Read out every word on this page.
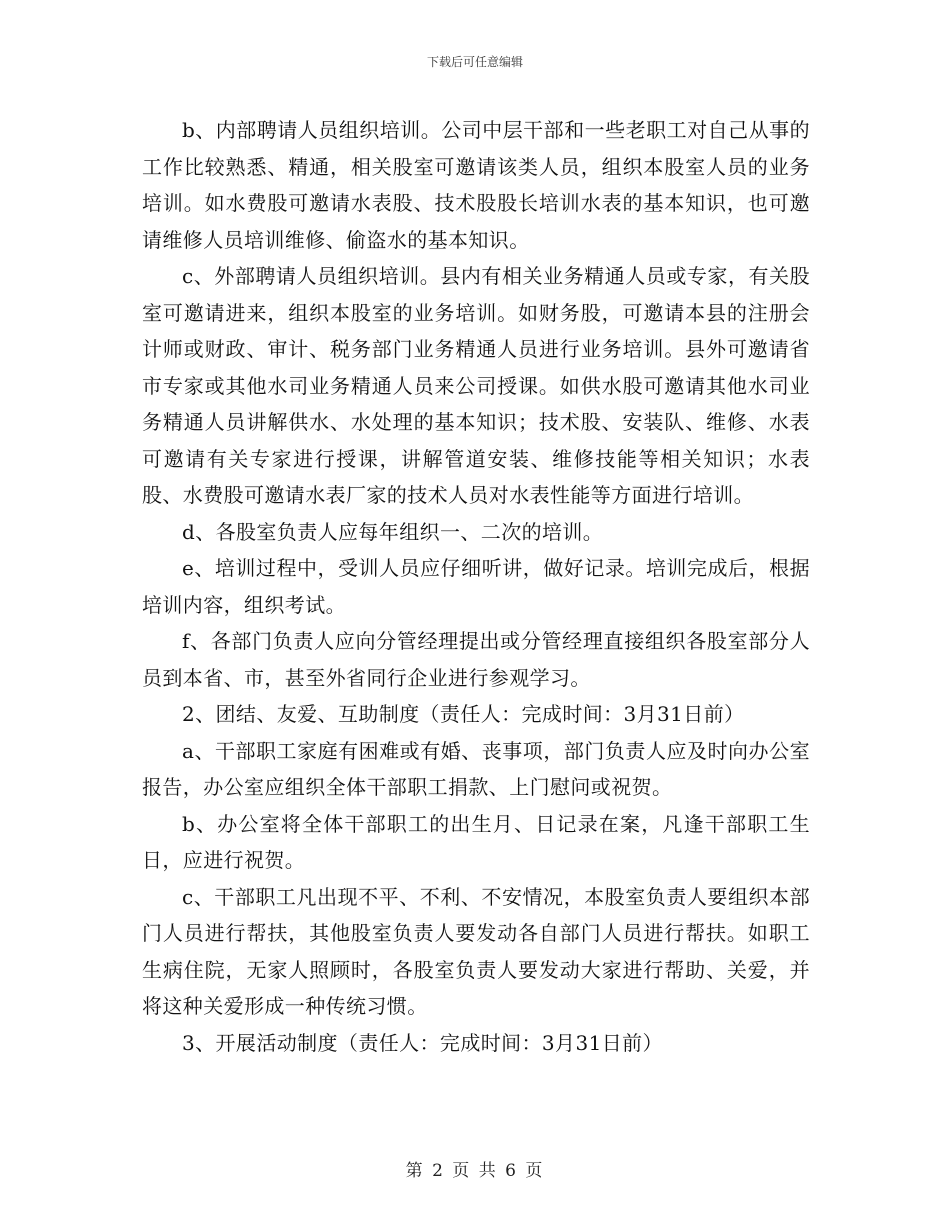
下载后可任意编辑

b、内部聘请人员组织培训。公司中层干部和一些老职工对自己从事的工作比较熟悉、精通，相关股室可邀请该类人员，组织本股室人员的业务培训。如水费股可邀请水表股、技术股股长培训水表的基本知识，也可邀请维修人员培训维修、偷盗水的基本知识。

c、外部聘请人员组织培训。县内有相关业务精通人员或专家，有关股室可邀请进来，组织本股室的业务培训。如财务股，可邀请本县的注册会计师或财政、审计、税务部门业务精通人员进行业务培训。县外可邀请省市专家或其他水司业务精通人员来公司授课。如供水股可邀请其他水司业务精通人员讲解供水、水处理的基本知识；技术股、安装队、维修、水表可邀请有关专家进行授课，讲解管道安装、维修技能等相关知识；水表股、水费股可邀请水表厂家的技术人员对水表性能等方面进行培训。

d、各股室负责人应每年组织一、二次的培训。

e、培训过程中，受训人员应仔细听讲，做好记录。培训完成后，根据培训内容，组织考试。

f、各部门负责人应向分管经理提出或分管经理直接组织各股室部分人员到本省、市，甚至外省同行企业进行参观学习。

2、团结、友爱、互助制度（责任人：完成时间：3月31日前）

a、干部职工家庭有困难或有婚、丧事项，部门负责人应及时向办公室报告，办公室应组织全体干部职工捐款、上门慰问或祝贺。

b、办公室将全体干部职工的出生月、日记录在案，凡逢干部职工生日，应进行祝贺。

c、干部职工凡出现不平、不利、不安情况，本股室负责人要组织本部门人员进行帮扶，其他股室负责人要发动各自部门人员进行帮扶。如职工生病住院，无家人照顾时，各股室负责人要发动大家进行帮助、关爱，并将这种关爱形成一种传统习惯。

3、开展活动制度（责任人：完成时间：3月31日前）

第 2 页 共 6 页
